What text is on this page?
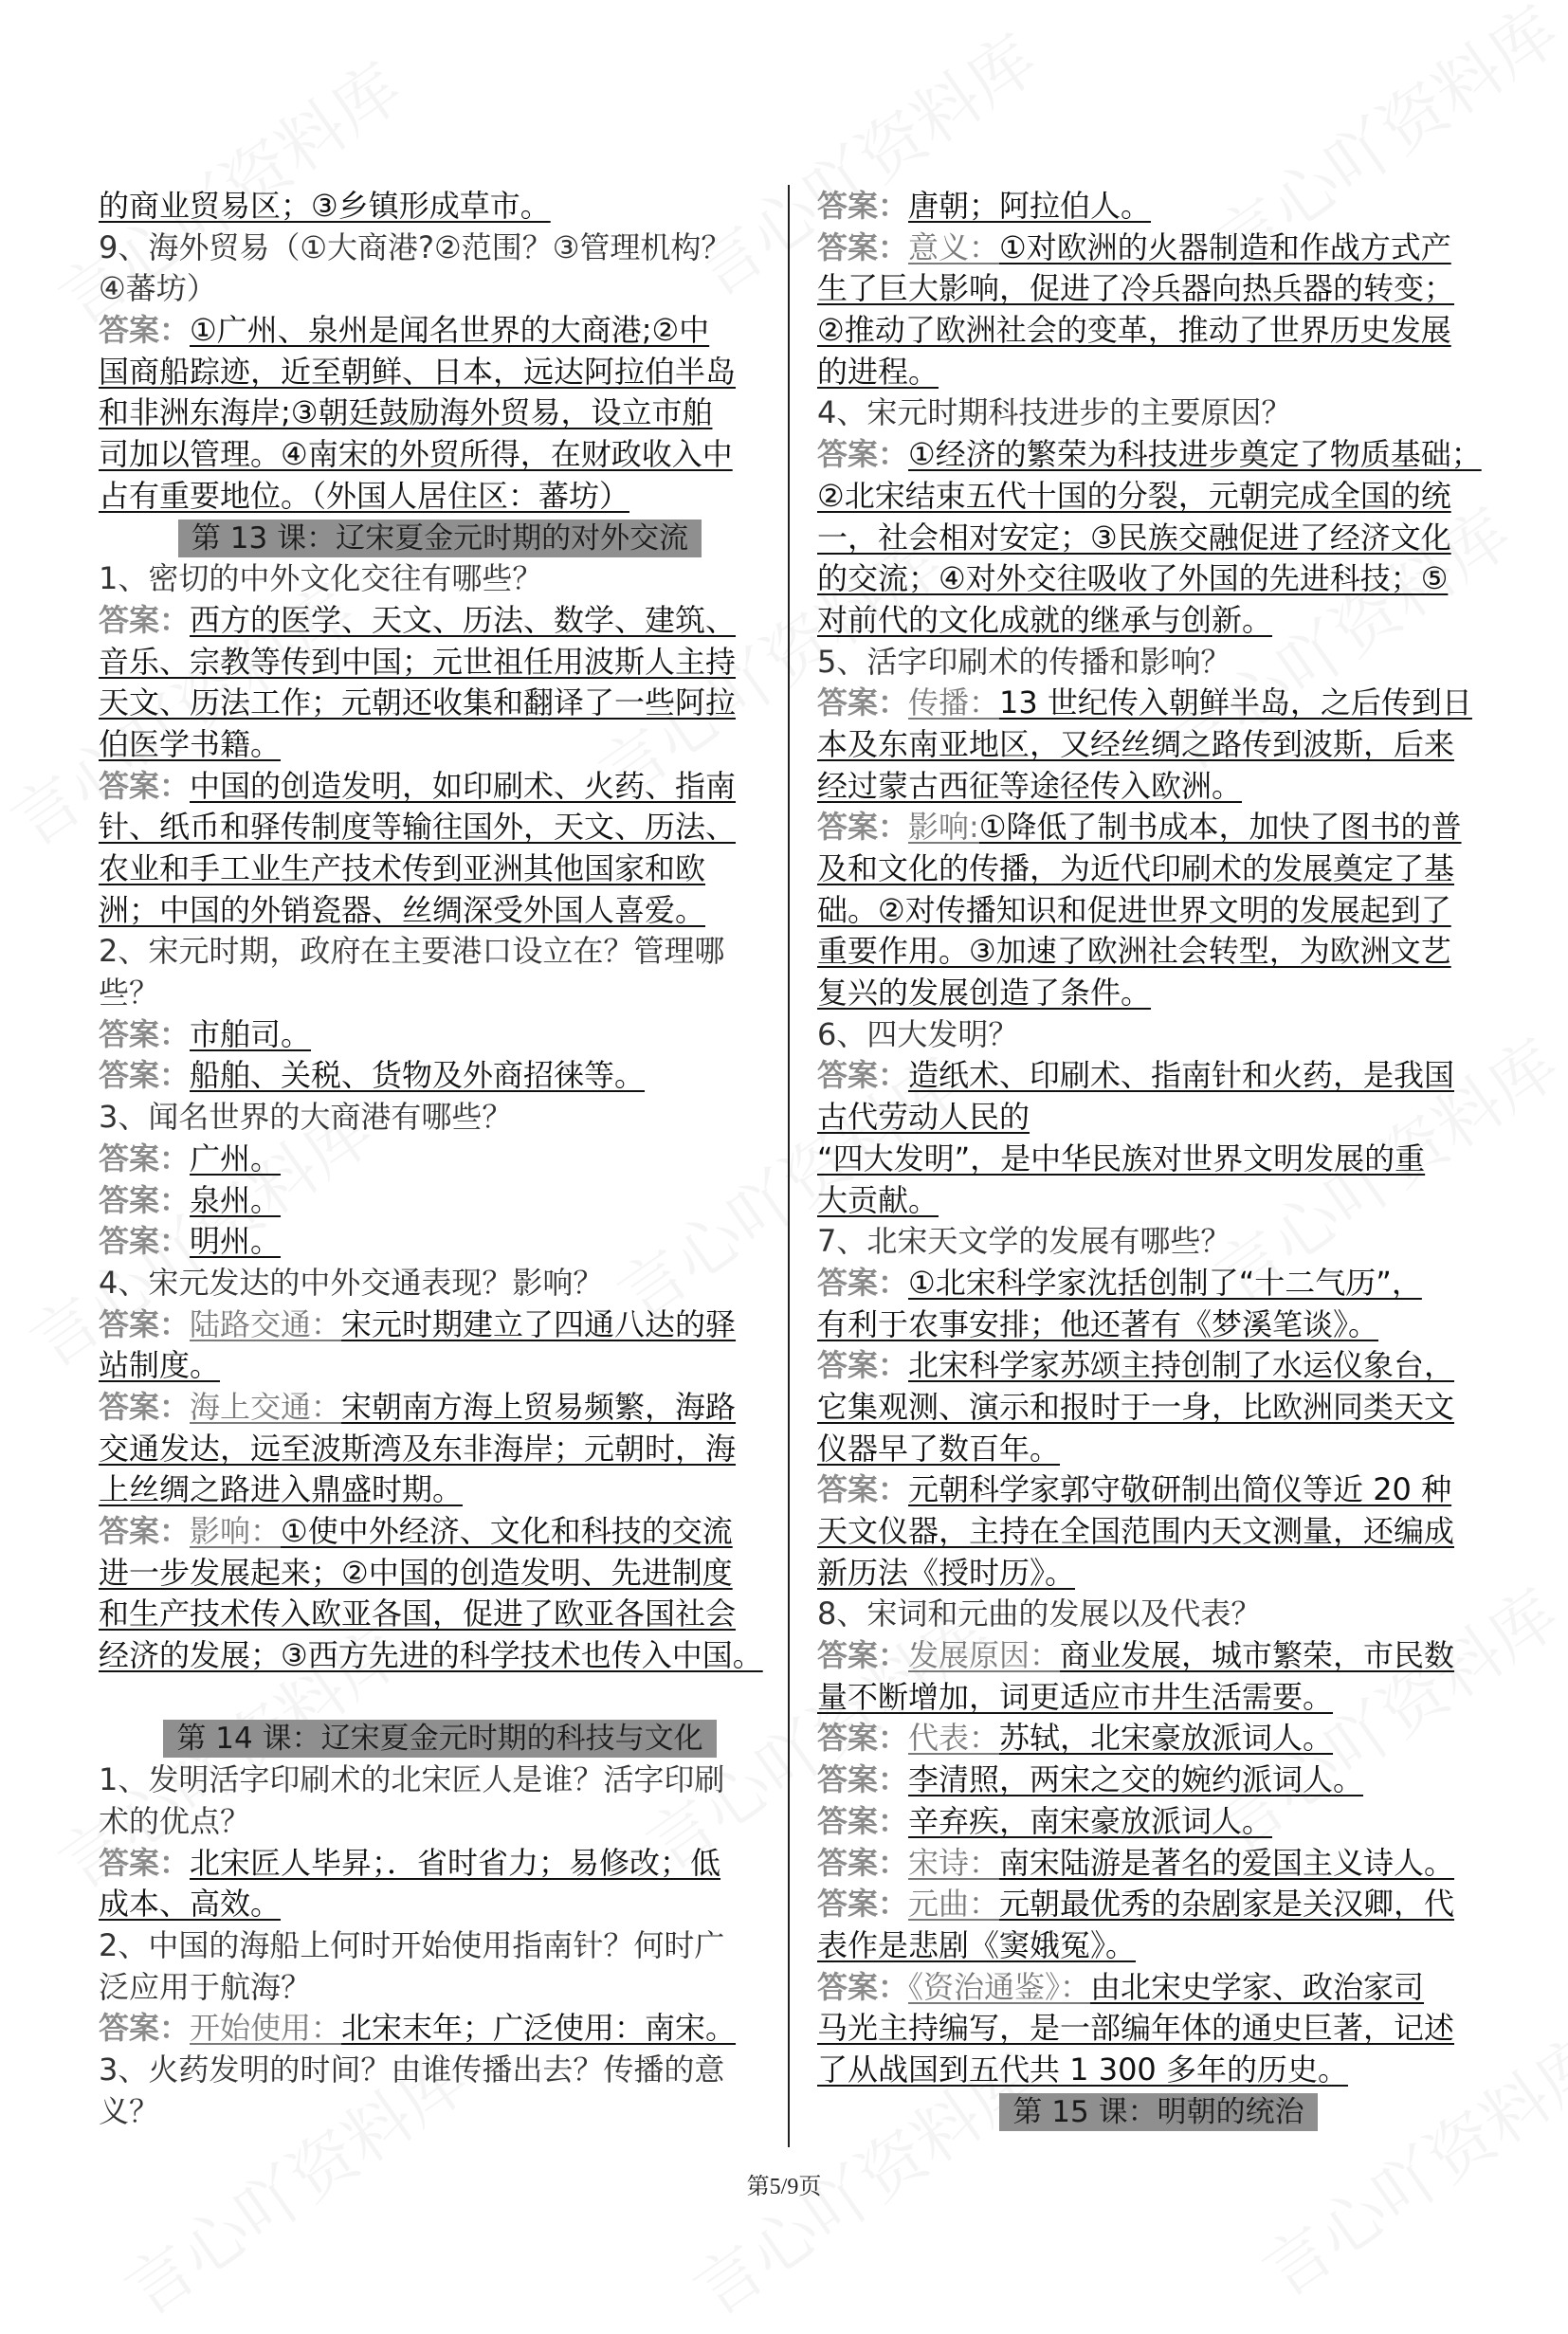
的商业贸易区；③乡镇形成草市。
9、海外贸易（①大商港?②范围？③管理机构？
④蕃坊）
答案：①广州、泉州是闻名世界的大商港;②中
国商船踪迹，近至朝鲜、日本，远达阿拉伯半岛
和非洲东海岸;③朝廷鼓励海外贸易，设立市舶
司加以管理。④南宋的外贸所得，在财政收入中
占有重要地位。（外国人居住区：蕃坊）
第 13 课：辽宋夏金元时期的对外交流
1、密切的中外文化交往有哪些？
答案：西方的医学、天文、历法、数学、建筑、
音乐、宗教等传到中国；元世祖任用波斯人主持
天文、历法工作；元朝还收集和翻译了一些阿拉
伯医学书籍。
答案：中国的创造发明，如印刷术、火药、指南
针、纸币和驿传制度等输往国外，天文、历法、
农业和手工业生产技术传到亚洲其他国家和欧
洲；中国的外销瓷器、丝绸深受外国人喜爱。
2、宋元时期，政府在主要港口设立在？管理哪
些？
答案：市舶司。
答案：船舶、关税、货物及外商招徕等。
3、闻名世界的大商港有哪些？
答案：广州。
答案：泉州。
答案：明州。
4、宋元发达的中外交通表现？影响？
答案：陆路交通：宋元时期建立了四通八达的驿
站制度。
答案：海上交通：宋朝南方海上贸易频繁，海路
交通发达，远至波斯湾及东非海岸；元朝时，海
上丝绸之路进入鼎盛时期。
答案：影响：①使中外经济、文化和科技的交流
进一步发展起来；②中国的创造发明、先进制度
和生产技术传入欧亚各国，促进了欧亚各国社会
经济的发展；③西方先进的科学技术也传入中国。
第 14 课：辽宋夏金元时期的科技与文化
1、发明活字印刷术的北宋匠人是谁？活字印刷
术的优点？
答案：北宋匠人毕昇；．省时省力；易修改；低
成本、高效。
2、中国的海船上何时开始使用指南针？何时广
泛应用于航海？
答案：开始使用：北宋末年；广泛使用：南宋。
3、火药发明的时间？由谁传播出去？传播的意
义？
答案：唐朝；阿拉伯人。
答案：意义：①对欧洲的火器制造和作战方式产
生了巨大影响，促进了冷兵器向热兵器的转变；
②推动了欧洲社会的变革，推动了世界历史发展
的进程。
4、宋元时期科技进步的主要原因？
答案：①经济的繁荣为科技进步奠定了物质基础；
②北宋结束五代十国的分裂，元朝完成全国的统
一，社会相对安定；③民族交融促进了经济文化
的交流；④对外交往吸收了外国的先进科技；⑤
对前代的文化成就的继承与创新。
5、活字印刷术的传播和影响？
答案：传播：13 世纪传入朝鲜半岛，之后传到日
本及东南亚地区，又经丝绸之路传到波斯，后来
经过蒙古西征等途径传入欧洲。
答案：影响:①降低了制书成本，加快了图书的普
及和文化的传播，为近代印刷术的发展奠定了基
础。②对传播知识和促进世界文明的发展起到了
重要作用。③加速了欧洲社会转型，为欧洲文艺
复兴的发展创造了条件。
6、四大发明？
答案：造纸术、印刷术、指南针和火药，是我国
古代劳动人民的
“四大发明”，是中华民族对世界文明发展的重
大贡献。
7、北宋天文学的发展有哪些？
答案：①北宋科学家沈括创制了“十二气历”，
有利于农事安排；他还著有《梦溪笔谈》。
答案：北宋科学家苏颂主持创制了水运仪象台，
它集观测、演示和报时于一身，比欧洲同类天文
仪器早了数百年。
答案：元朝科学家郭守敬研制出简仪等近 20 种
天文仪器，主持在全国范围内天文测量，还编成
新历法《授时历》。
8、宋词和元曲的发展以及代表？
答案：发展原因：商业发展，城市繁荣，市民数
量不断增加，词更适应市井生活需要。
答案：代表：苏轼，北宋豪放派词人。
答案：李清照，两宋之交的婉约派词人。
答案：辛弃疾，南宋豪放派词人。
答案：宋诗：南宋陆游是著名的爱国主义诗人。
答案：元曲：元朝最优秀的杂剧家是关汉卿，代
表作是悲剧《窦娥冤》。
答案：《资治通鉴》：由北宋史学家、政治家司
马光主持编写，是一部编年体的通史巨著，记述
了从战国到五代共 1 300 多年的历史。
第 15 课：明朝的统治
第5/9页
